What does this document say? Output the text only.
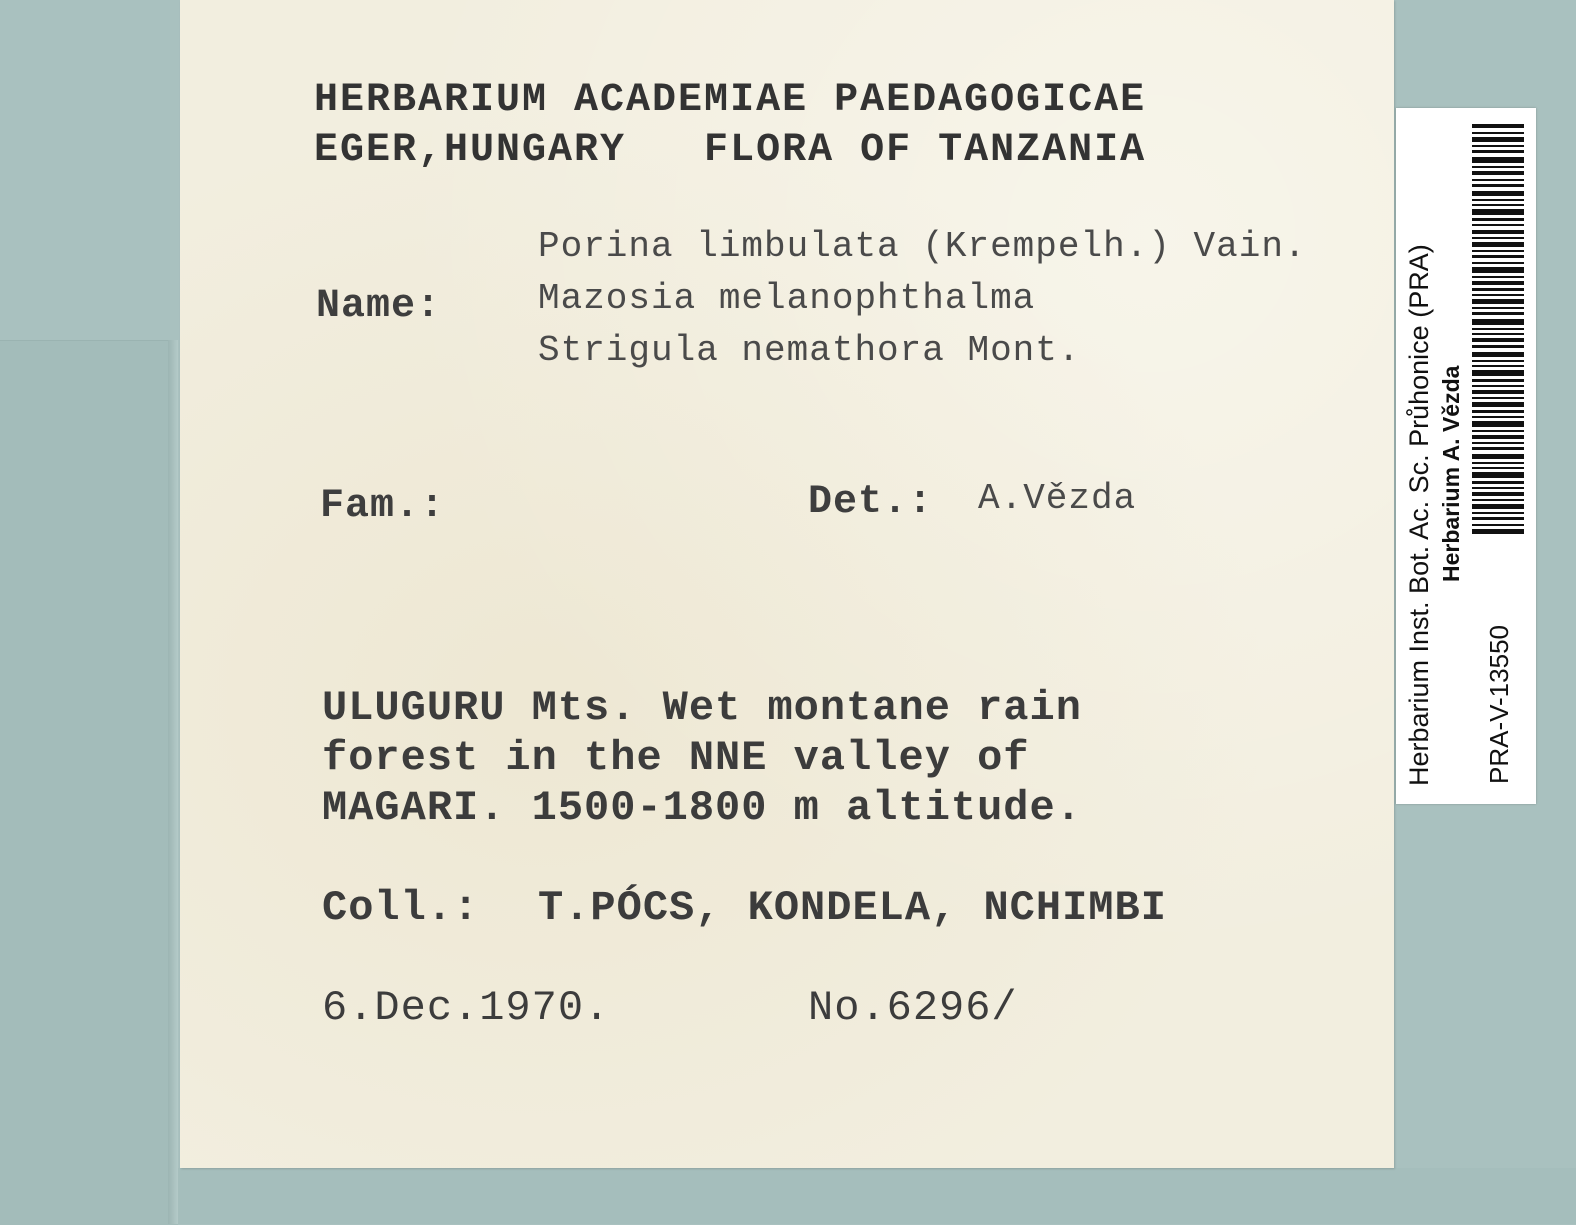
HERBARIUM ACADEMIAE PAEDAGOGICAE
EGER,HUNGARY   FLORA OF TANZANIA
Porina limbulata (Krempelh.) Vain.
Name:	Mazosia melanophthalma
Strigula nemathora Mont.
Fam.:	Det.: A.Vězda
ULUGURU Mts. Wet montane rain
forest in the NNE valley of
MAGARI. 1500-1800 m altitude.
Coll.: T.PÓCS, KONDELA, NCHIMBI
6.Dec.1970.	No.6296/
Herbarium Inst. Bot. Ac. Sc. Průhonice (PRA) Herbarium A. Vězda
PRA-V-13550
